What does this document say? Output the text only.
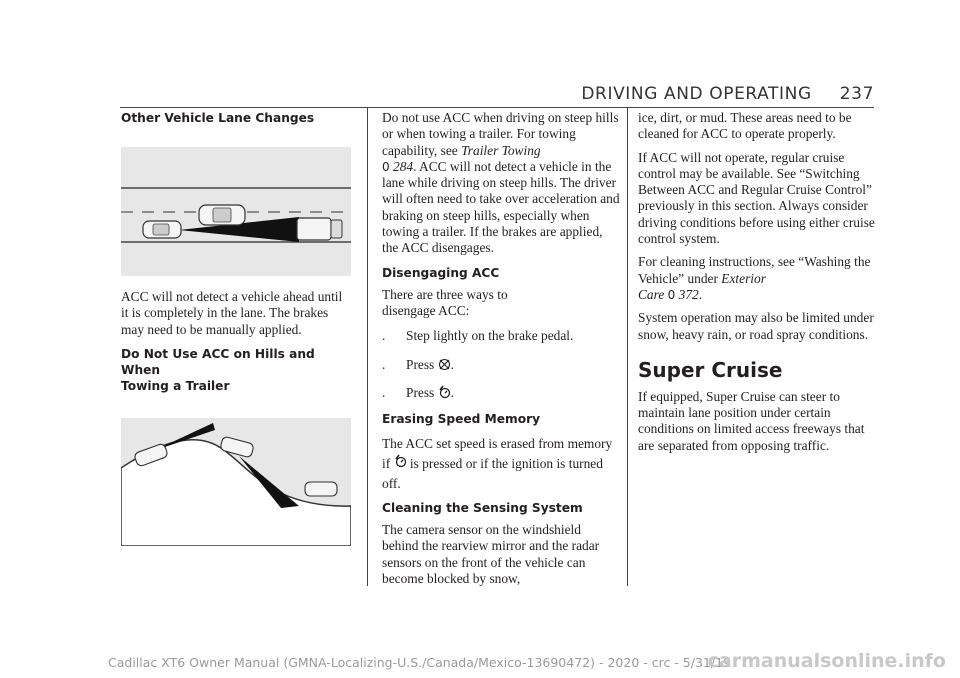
DRIVING AND OPERATING 237
Other Vehicle Lane Changes

ACC will not detect a vehicle ahead until it is completely in the lane. The brakes may need to be manually applied.

Do Not Use ACC on Hills and When
Towing a Trailer

Do not use ACC when driving on steep hills or when towing a trailer. For towing capability, see Trailer Towing
0 284. ACC will not detect a vehicle in the lane while driving on steep hills. The driver will often need to take over acceleration and braking on steep hills, especially when towing a trailer. If the brakes are applied, the ACC disengages.

Disengaging ACC

There are three ways to disengage ACC:

.	Step lightly on the brake pedal.
.	Press
.
.	Press
.
Erasing Speed Memory

The ACC set speed is erased from memory if is pressed or if the ignition is turned off.

Cleaning the Sensing System

The camera sensor on the windshield behind the rearview mirror and the radar sensors on the front of the vehicle can become blocked by snow,

ice, dirt, or mud. These areas need to be cleaned for ACC to operate properly.

If ACC will not operate, regular cruise control may be available. See “Switching Between ACC and Regular Cruise Control” previously in this section. Always consider driving conditions before using either cruise control system.

For cleaning instructions, see “Washing the Vehicle” under Exterior
Care 0 372.

System operation may also be limited under snow, heavy rain, or road spray conditions.

Super Cruise

If equipped, Super Cruise can steer to maintain lane position under certain conditions on limited access freeways that are separated from opposing traffic.

Cadillac XT6 Owner Manual (GMNA-Localizing-U.S./Canada/Mexico-13690472) - 2020 - crc - 5/31/19
carmanualsonline.info
